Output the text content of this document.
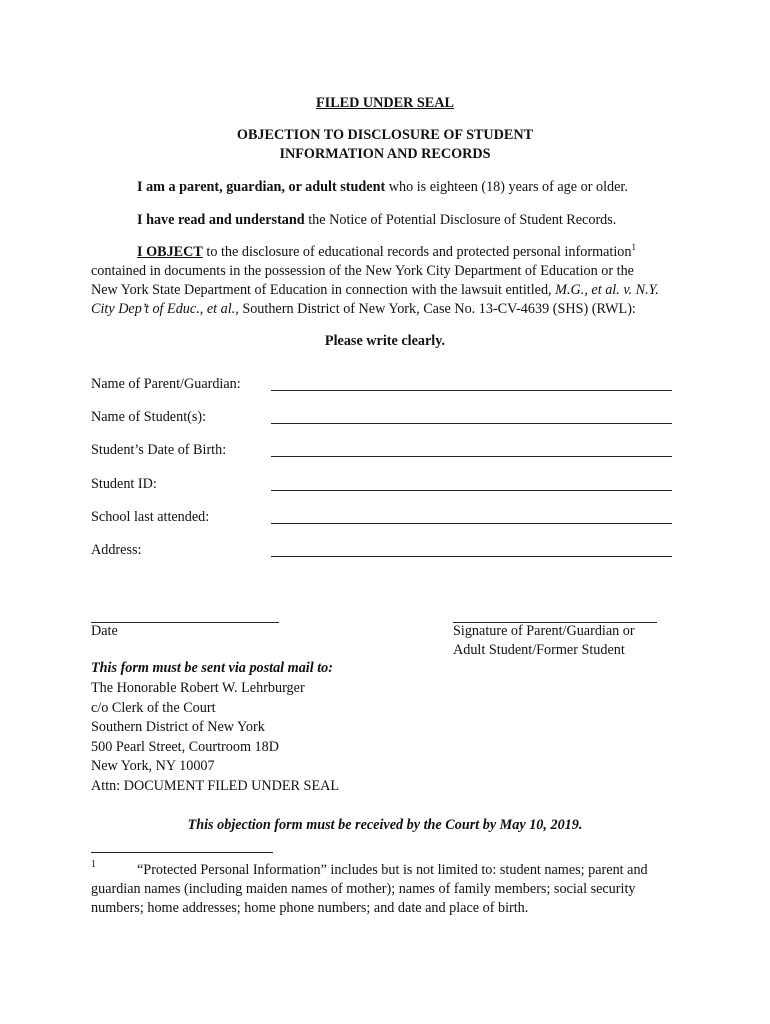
FILED UNDER SEAL

OBJECTION TO DISCLOSURE OF STUDENT

INFORMATION AND RECORDS

I am a parent, guardian, or adult student who is eighteen (18) years of age or older.

I have read and understand the Notice of Potential Disclosure of Student Records.

I OBJECT to the disclosure of educational records and protected personal information$^1$

contained in documents in the possession of the New York City Department of Education or the

New York State Department of Education in connection with the lawsuit entitled, M.G., et al. v. N.Y.

City Dep’t of Educ., et al., Southern District of New York, Case No. 13-CV-4639 (SHS) (RWL):

Please write clearly.

Name of Parent/Guardian:
Name of Student(s):
Student’s Date of Birth:
Student ID:
School last attended:
Address:

Date	Signature of Parent/Guardian or

Adult Student/Former Student

This form must be sent via postal mail to:

The Honorable Robert W. Lehrburger
c/o Clerk of the Court
Southern District of New York
500 Pearl Street, Courtroom 18D
New York, NY 10007
Attn: DOCUMENT FILED UNDER SEAL

This objection form must be received by the Court by May 10, 2019.

1	“Protected Personal Information” includes but is not limited to: student names; parent and

guardian names (including maiden names of mother); names of family members; social security

numbers; home addresses; home phone numbers; and date and place of birth.
